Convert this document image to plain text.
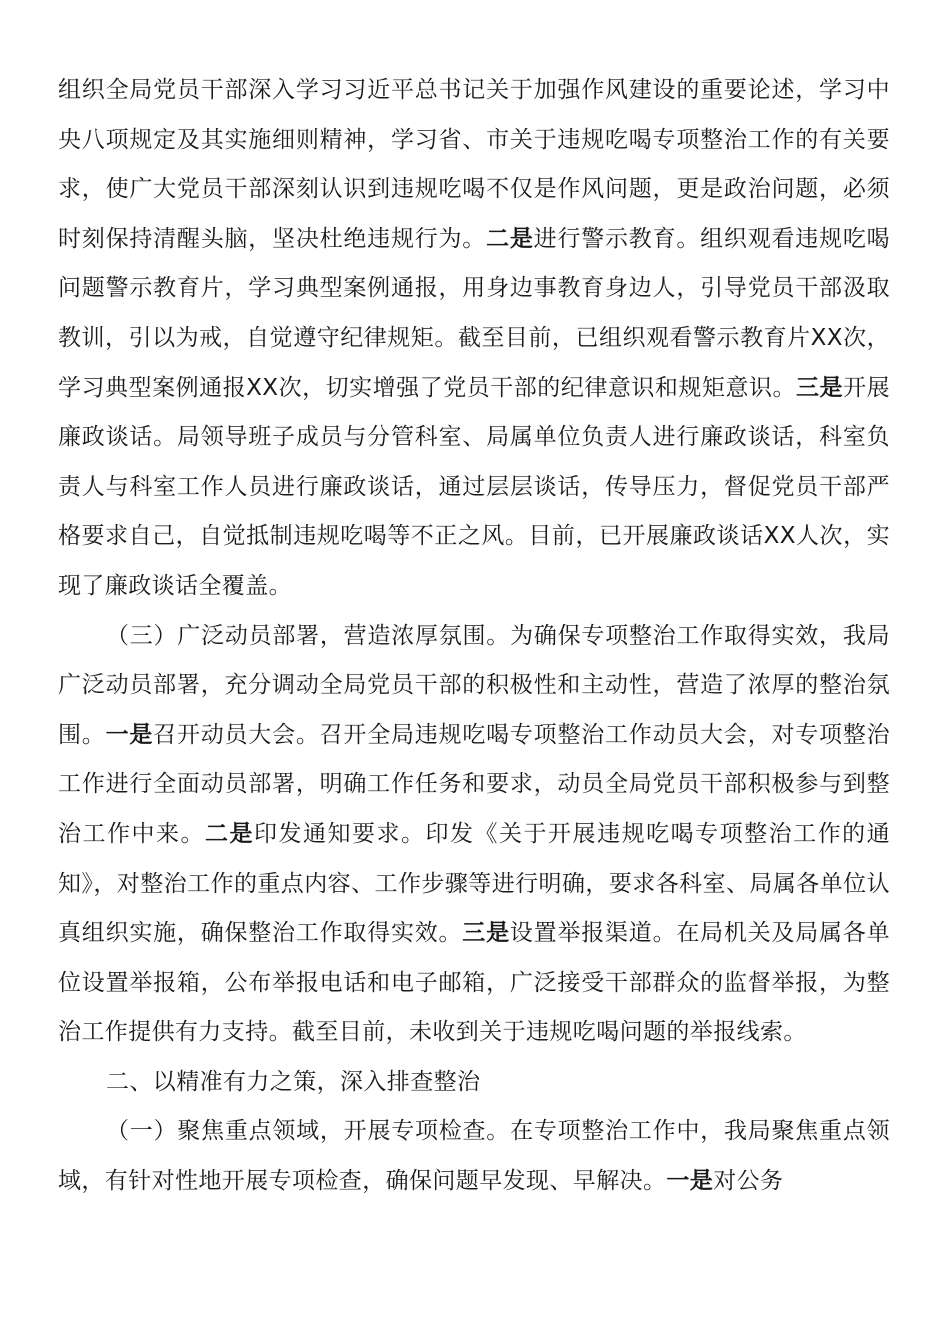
组织全局党员干部深入学习习近平总书记关于加强作风建设的重要论述，学习中央八项规定及其实施细则精神，学习省、市关于违规吃喝专项整治工作的有关要求，使广大党员干部深刻认识到违规吃喝不仅是作风问题，更是政治问题，必须时刻保持清醒头脑，坚决杜绝违规行为。二是进行警示教育。组织观看违规吃喝问题警示教育片，学习典型案例通报，用身边事教育身边人，引导党员干部汲取教训，引以为戒，自觉遵守纪律规矩。截至目前，已组织观看警示教育片XX次，学习典型案例通报XX次，切实增强了党员干部的纪律意识和规矩意识。三是开展廉政谈话。局领导班子成员与分管科室、局属单位负责人进行廉政谈话，科室负责人与科室工作人员进行廉政谈话，通过层层谈话，传导压力，督促党员干部严格要求自己，自觉抵制违规吃喝等不正之风。目前，已开展廉政谈话XX人次，实现了廉政谈话全覆盖。

（三）广泛动员部署，营造浓厚氛围。为确保专项整治工作取得实效，我局广泛动员部署，充分调动全局党员干部的积极性和主动性，营造了浓厚的整治氛围。一是召开动员大会。召开全局违规吃喝专项整治工作动员大会，对专项整治工作进行全面动员部署，明确工作任务和要求，动员全局党员干部积极参与到整治工作中来。二是印发通知要求。印发《关于开展违规吃喝专项整治工作的通知》，对整治工作的重点内容、工作步骤等进行明确，要求各科室、局属各单位认真组织实施，确保整治工作取得实效。三是设置举报渠道。在局机关及局属各单位设置举报箱，公布举报电话和电子邮箱，广泛接受干部群众的监督举报，为整治工作提供有力支持。截至目前，未收到关于违规吃喝问题的举报线索。

二、以精准有力之策，深入排查整治

（一）聚焦重点领域，开展专项检查。在专项整治工作中，我局聚焦重点领域，有针对性地开展专项检查，确保问题早发现、早解决。一是对公务
